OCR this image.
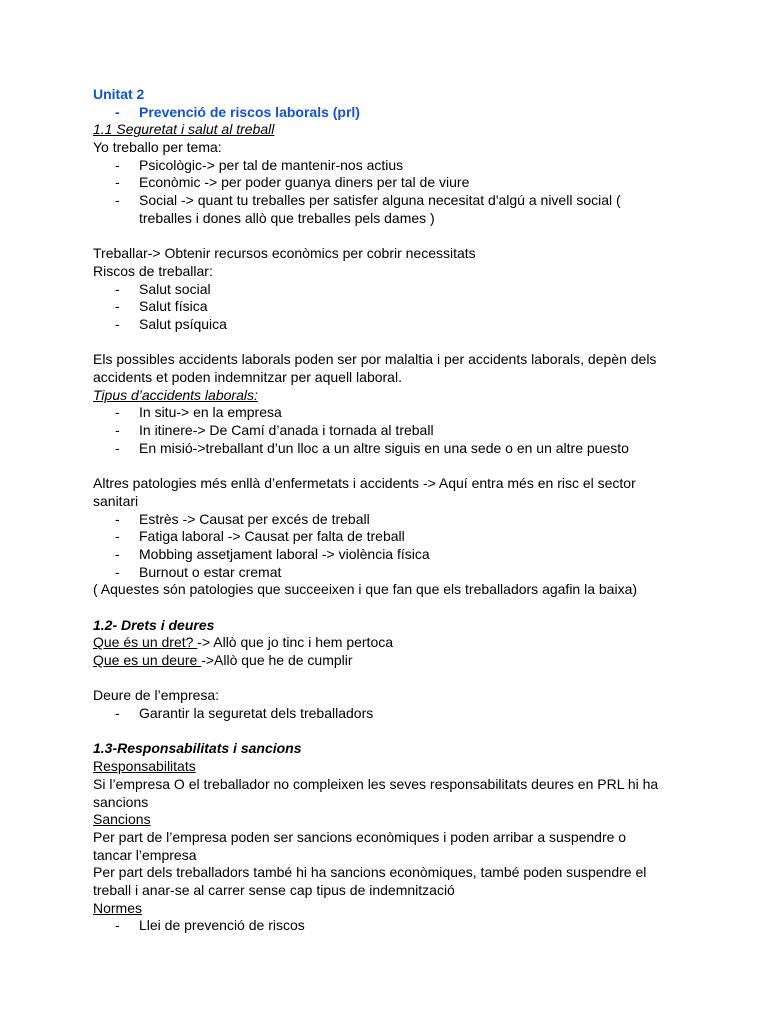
Unitat 2
- Prevenció de riscos laborals (prl)
1.1 Seguretat i salut al treball
Yo treballo per tema:
- Psicològic-> per tal de mantenir-nos actius
- Econòmic -> per poder guanya diners per tal de viure
- Social -> quant tu treballes per satisfer alguna necesitat d'algú a nivell social (
treballes i dones allò que treballes pels dames )
Treballar-> Obtenir recursos econòmics per cobrir necessitats
Riscos de treballar:
- Salut social
- Salut física
- Salut psíquica
Els possibles accidents laborals poden ser por malaltia i per accidents laborals, depèn dels
accidents et poden indemnitzar per aquell laboral.
Tipus d’accidents laborals:
- In situ-> en la empresa
- In itinere-> De Camí d’anada i tornada al treball
- En misió->treballant d’un lloc a un altre siguis en una sede o en un altre puesto
Altres patologies més enllà d’enfermetats i accidents -> Aquí entra més en risc el sector
sanitari
- Estrès -> Causat per excés de treball
- Fatiga laboral -> Causat per falta de treball
- Mobbing assetjament laboral -> violència física
- Burnout o estar cremat
( Aquestes són patologies que succeeixen i que fan que els treballadors agafin la baixa)
1.2- Drets i deures
Que és un dret? -> Allò que jo tinc i hem pertoca
Que es un deure ->Allò que he de cumplir
Deure de l’empresa:
- Garantir la seguretat dels treballadors
1.3-Responsabilitats i sancions
Responsabilitats
Si l’empresa O el treballador no compleixen les seves responsabilitats deures en PRL hi ha
sancions
Sancions
Per part de l’empresa poden ser sancions econòmiques i poden arribar a suspendre o
tancar l’empresa
Per part dels treballadors també hi ha sancions econòmiques, també poden suspendre el
treball i anar-se al carrer sense cap tipus de indemnització
Normes
- Llei de prevenció de riscos
